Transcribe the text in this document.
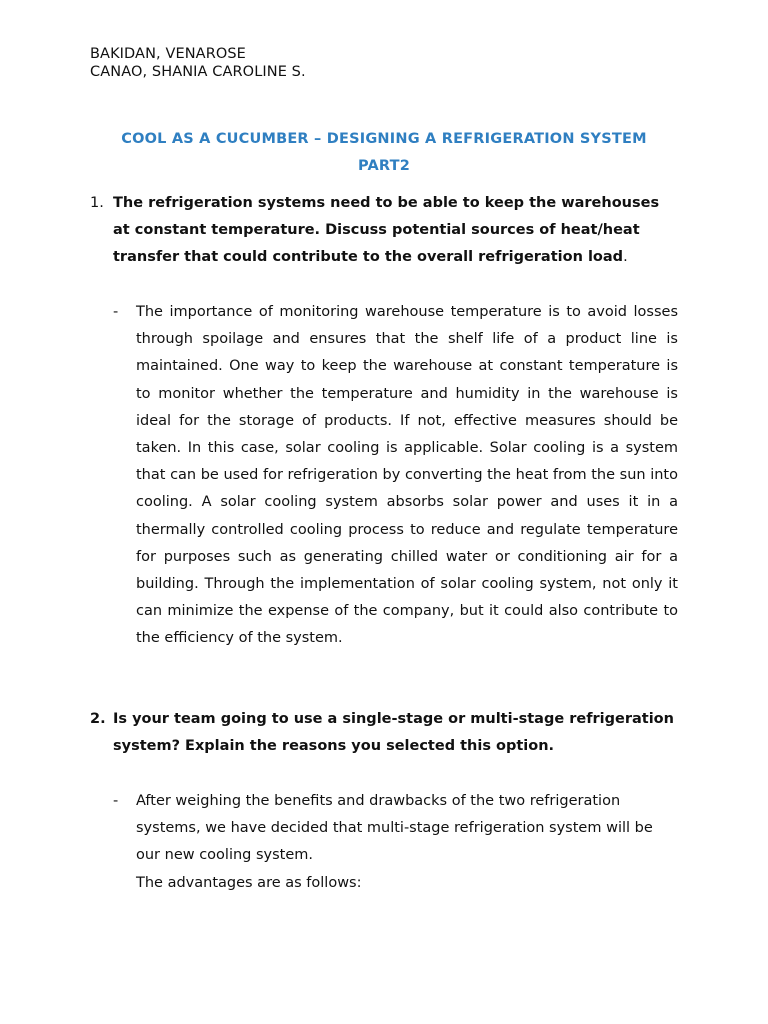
BAKIDAN, VENAROSE
CANAO, SHANIA CAROLINE S.
COOL AS A CUCUMBER – DESIGNING A REFRIGERATION SYSTEM
PART2
1. The refrigeration systems need to be able to keep the warehouses at constant temperature. Discuss potential sources of heat/heat transfer that could contribute to the overall refrigeration load.
- The importance of monitoring warehouse temperature is to avoid losses through spoilage and ensures that the shelf life of a product line is maintained. One way to keep the warehouse at constant temperature is to monitor whether the temperature and humidity in the warehouse is ideal for the storage of products. If not, effective measures should be taken. In this case, solar cooling is applicable. Solar cooling is a system that can be used for refrigeration by converting the heat from the sun into cooling. A solar cooling system absorbs solar power and uses it in a thermally controlled cooling process to reduce and regulate temperature for purposes such as generating chilled water or conditioning air for a building. Through the implementation of solar cooling system, not only it can minimize the expense of the company, but it could also contribute to the efficiency of the system.
2. Is your team going to use a single-stage or multi-stage refrigeration system? Explain the reasons you selected this option.
- After weighing the benefits and drawbacks of the two refrigeration systems, we have decided that multi-stage refrigeration system will be our new cooling system.
The advantages are as follows:
